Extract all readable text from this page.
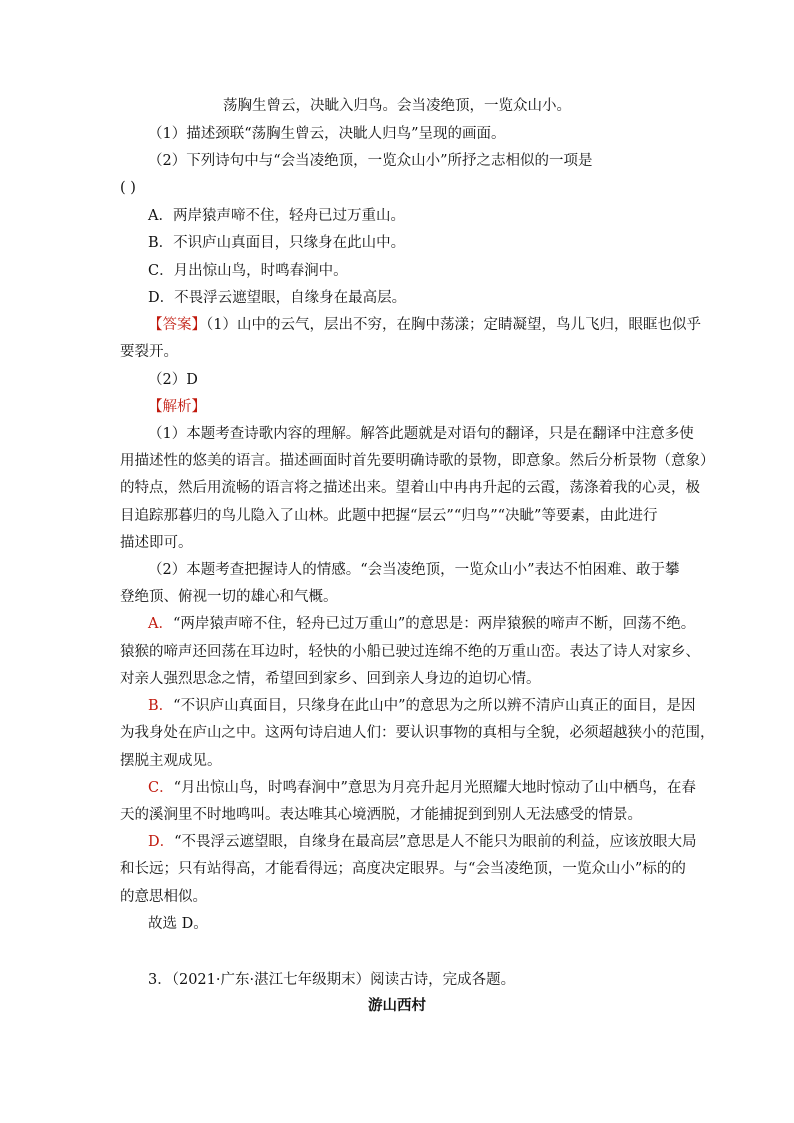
荡胸生曾云，决眦入归鸟。会当凌绝顶，一览众山小。
（1）描述颈联“荡胸生曾云，决眦人归鸟”呈现的画面。
（2）下列诗句中与“会当凌绝顶，一览众山小”所抒之志相似的一项是
( )
A．两岸猿声啼不住，轻舟已过万重山。
B．不识庐山真面目，只缘身在此山中。
C．月出惊山鸟，时鸣春涧中。
D．不畏浮云遮望眼，自缘身在最高层。
【答案】（1）山中的云气，层出不穷，在胸中荡漾；定睛凝望，鸟儿飞归，眼眶也似乎
要裂开。
（2）D
【解析】
（1）本题考查诗歌内容的理解。解答此题就是对语句的翻译，只是在翻译中注意多使
用描述性的悠美的语言。描述画面时首先要明确诗歌的景物，即意象。然后分析景物（意象）
的特点，然后用流畅的语言将之描述出来。望着山中冉冉升起的云霞，荡涤着我的心灵，极
目追踪那暮归的鸟儿隐入了山林。此题中把握“层云”“归鸟”“决眦”等要素，由此进行
描述即可。
（2）本题考查把握诗人的情感。“会当凌绝顶，一览众山小”表达不怕困难、敢于攀
登绝顶、俯视一切的雄心和气概。
A．“两岸猿声啼不住，轻舟已过万重山”的意思是：两岸猿猴的啼声不断，回荡不绝。
猿猴的啼声还回荡在耳边时，轻快的小船已驶过连绵不绝的万重山峦。表达了诗人对家乡、
对亲人强烈思念之情，希望回到家乡、回到亲人身边的迫切心情。
B．“不识庐山真面目，只缘身在此山中”的意思为之所以辨不清庐山真正的面目，是因
为我身处在庐山之中。这两句诗启迪人们：要认识事物的真相与全貌，必须超越狭小的范围，
摆脱主观成见。
C．“月出惊山鸟，时鸣春涧中”意思为月亮升起月光照耀大地时惊动了山中栖鸟，在春
天的溪涧里不时地鸣叫。表达唯其心境洒脱，才能捕捉到到别人无法感受的情景。
D．“不畏浮云遮望眼，自缘身在最高层”意思是人不能只为眼前的利益，应该放眼大局
和长远；只有站得高，才能看得远；高度决定眼界。与“会当凌绝顶，一览众山小”标的的
的意思相似。
故选 D。
3．（2021·广东·湛江七年级期末）阅读古诗，完成各题。
游山西村
